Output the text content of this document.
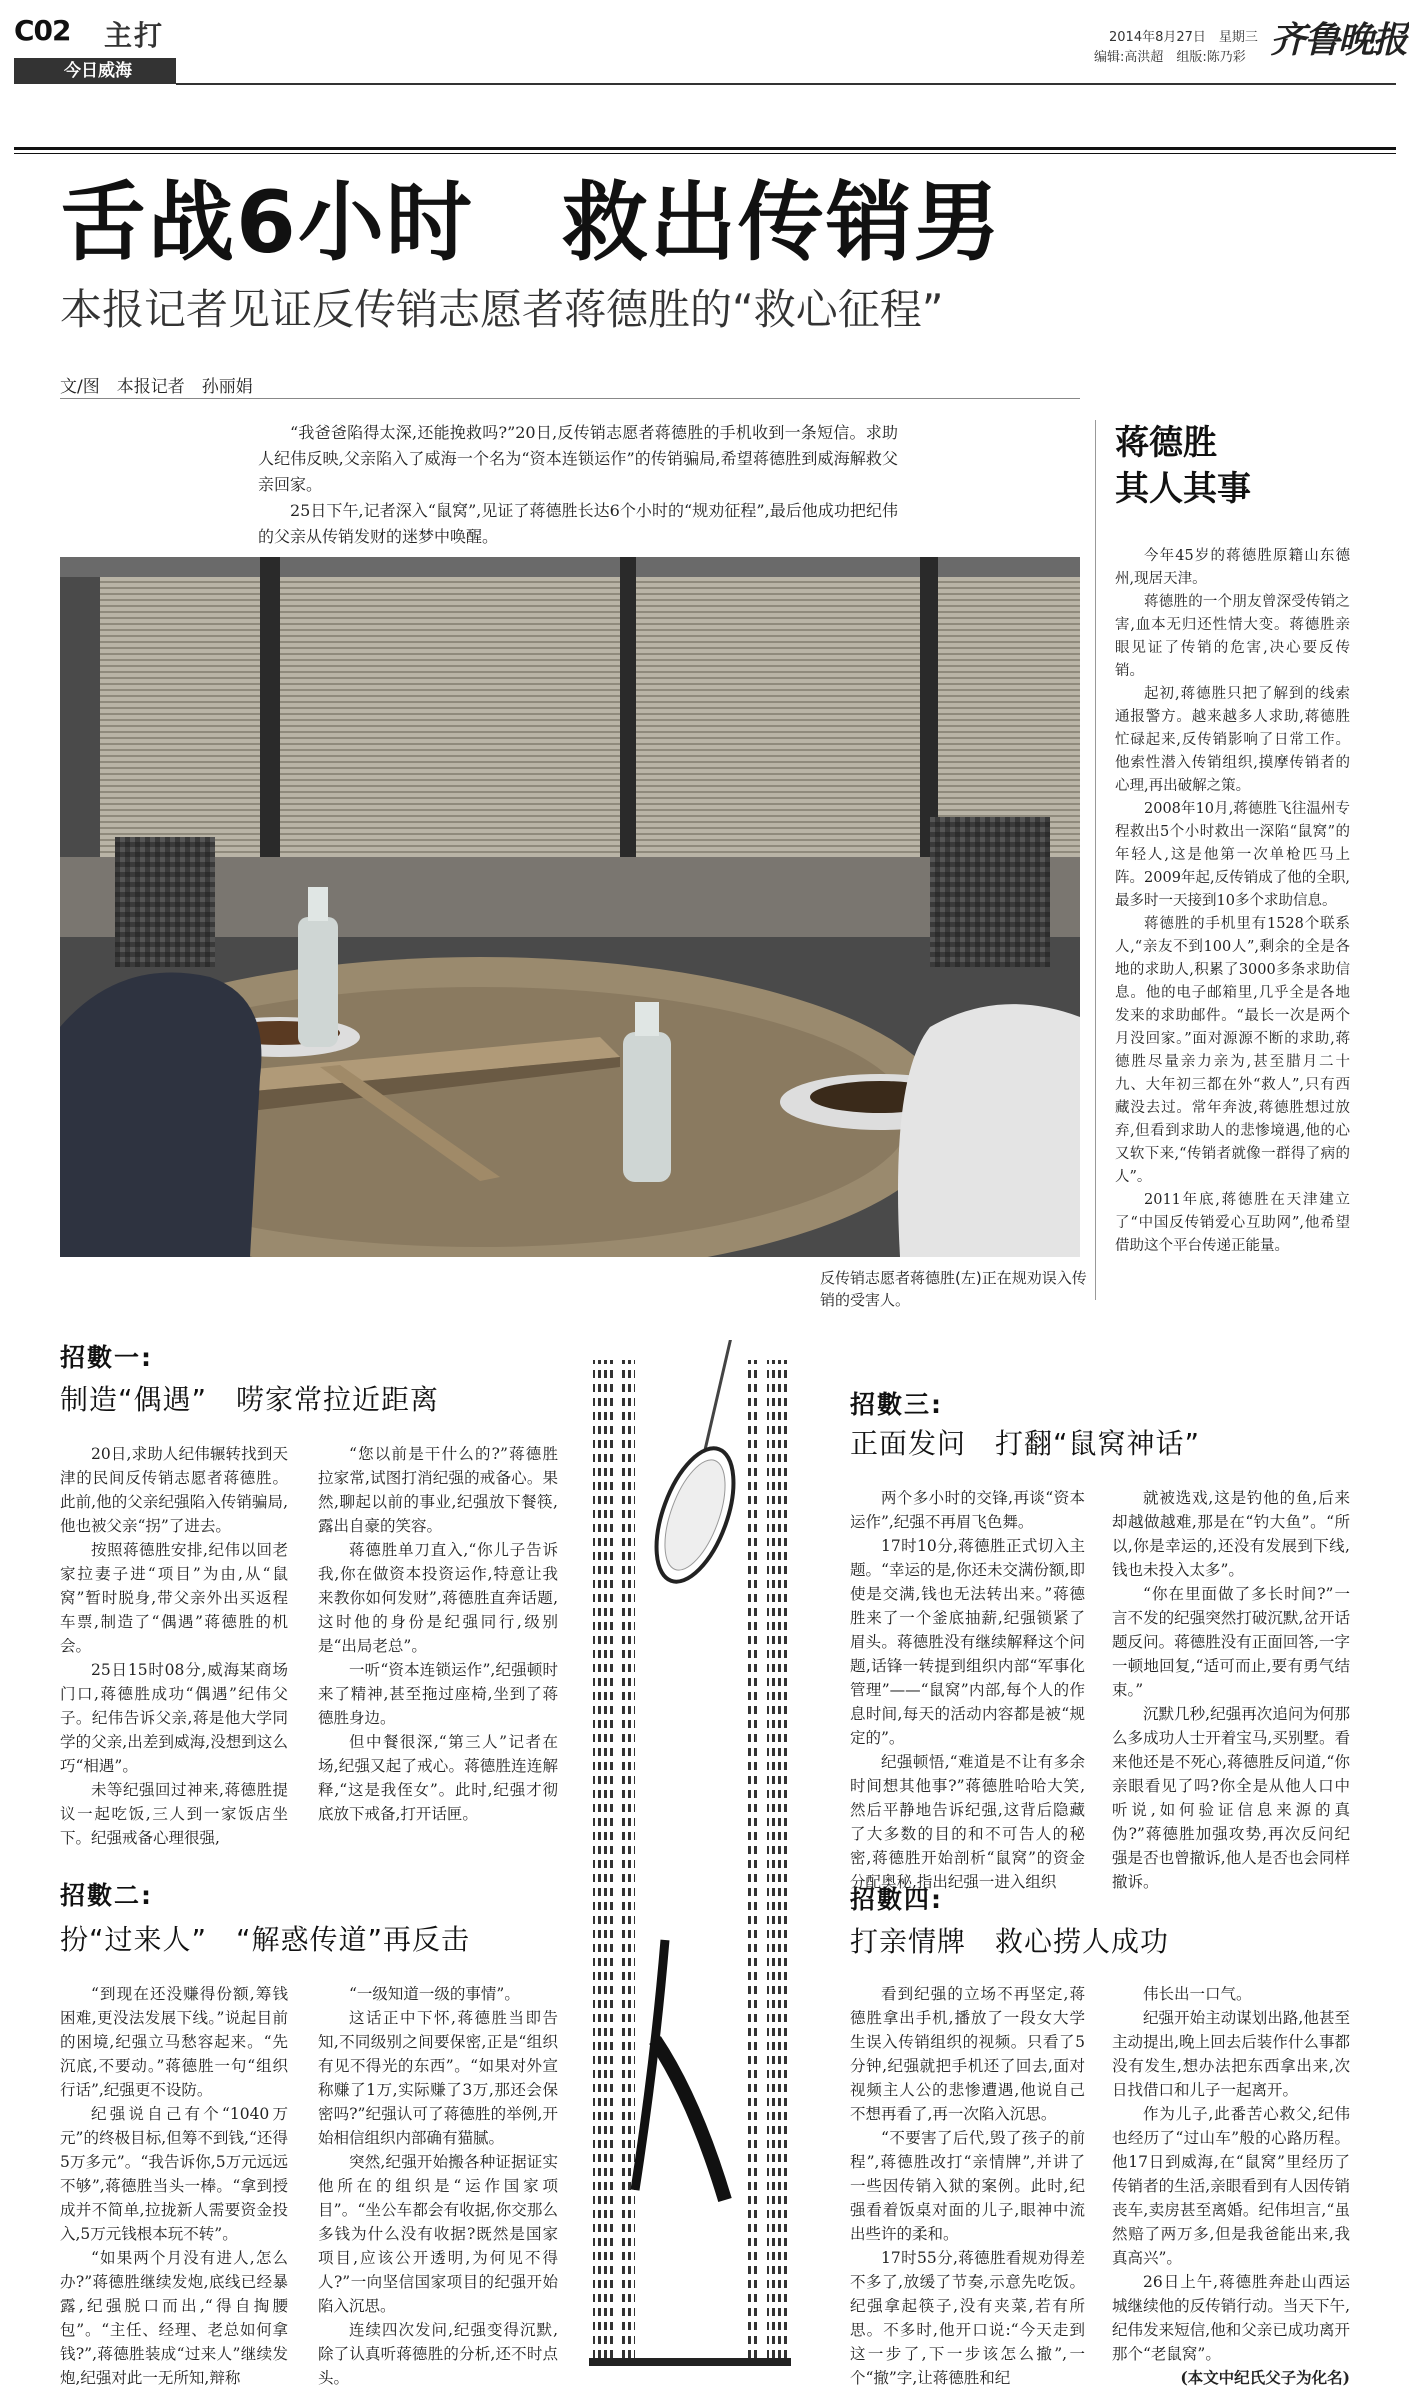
C02 主打
今日威海
2014年8月27日　星期三
编辑:高洪超　组版:陈乃彩 齐鲁晚报
舌战6小时　救出传销男
本报记者见证反传销志愿者蒋德胜的“救心征程”
文/图　本报记者　孙丽娟

“我爸爸陷得太深,还能挽救吗?”20日,反传销志愿者蒋德胜的手机收到一条短信。求助人纪伟反映,父亲陷入了威海一个名为“资本连锁运作”的传销骗局,希望蒋德胜到威海解救父亲回家。

25日下午,记者深入“鼠窝”,见证了蒋德胜长达6个小时的“规劝征程”,最后他成功把纪伟的父亲从传销发财的迷梦中唤醒。

反传销志愿者蒋德胜(左)正在规劝误入传销的受害人。
蒋德胜
其人其事

今年45岁的蒋德胜原籍山东德州,现居天津。

蒋德胜的一个朋友曾深受传销之害,血本无归还性情大变。蒋德胜亲眼见证了传销的危害,决心要反传销。

起初,蒋德胜只把了解到的线索通报警方。越来越多人求助,蒋德胜忙碌起来,反传销影响了日常工作。他索性潜入传销组织,摸摩传销者的心理,再出破解之策。

2008年10月,蒋德胜飞往温州专程救出5个小时救出一深陷“鼠窝”的年轻人,这是他第一次单枪匹马上阵。2009年起,反传销成了他的全职,最多时一天接到10多个求助信息。

蒋德胜的手机里有1528个联系人,“亲友不到100人”,剩余的全是各地的求助人,积累了3000多条求助信息。他的电子邮箱里,几乎全是各地发来的求助邮件。“最长一次是两个月没回家。”面对源源不断的求助,蒋德胜尽量亲力亲为,甚至腊月二十九、大年初三都在外“救人”,只有西藏没去过。常年奔波,蒋德胜想过放弃,但看到求助人的悲惨境遇,他的心又软下来,“传销者就像一群得了病的人”。

2011年底,蒋德胜在天津建立了“中国反传销爱心互助网”,他希望借助这个平台传递正能量。

招數一:
制造“偶遇”　唠家常拉近距离

20日,求助人纪伟辗转找到天津的民间反传销志愿者蒋德胜。此前,他的父亲纪强陷入传销骗局,他也被父亲“拐”了进去。

按照蒋德胜安排,纪伟以回老家拉妻子进“项目”为由,从“鼠窝”暂时脱身,带父亲外出买返程车票,制造了“偶遇”蒋德胜的机会。

25日15时08分,威海某商场门口,蒋德胜成功“偶遇”纪伟父子。纪伟告诉父亲,蒋是他大学同学的父亲,出差到威海,没想到这么巧“相遇”。

未等纪强回过神来,蒋德胜提议一起吃饭,三人到一家饭店坐下。纪强戒备心理很强,

“您以前是干什么的?”蒋德胜拉家常,试图打消纪强的戒备心。果然,聊起以前的事业,纪强放下餐筷,露出自豪的笑容。

蒋德胜单刀直入,“你儿子告诉我,你在做资本投资运作,特意让我来教你如何发财”,蒋德胜直奔话题,这时他的身份是纪强同行,级别是“出局老总”。

一听“资本连锁运作”,纪强顿时来了精神,甚至拖过座椅,坐到了蒋德胜身边。

但中餐很深,“第三人”记者在场,纪强又起了戒心。蒋德胜连连解释,“这是我侄女”。此时,纪强才彻底放下戒备,打开话匣。

招數二:
扮“过来人”　“解惑传道”再反击

“到现在还没赚得份额,筹钱困难,更没法发展下线。”说起目前的困境,纪强立马愁容起来。“先沉底,不要动。”蒋德胜一句“组织行话”,纪强更不设防。

纪强说自己有个“1040万元”的终极目标,但筹不到钱,“还得5万多元”。“我告诉你,5万元远远不够”,蒋德胜当头一棒。“拿到授成并不简单,拉拢新人需要资金投入,5万元钱根本玩不转”。

“如果两个月没有进人,怎么办?”蒋德胜继续发炮,底线已经暴露,纪强脱口而出,“得自掏腰包”。“主任、经理、老总如何拿钱?”,蒋德胜装成“过来人”继续发炮,纪强对此一无所知,辩称

“一级知道一级的事情”。

这话正中下怀,蒋德胜当即告知,不同级别之间要保密,正是“组织有见不得光的东西”。“如果对外宣称赚了1万,实际赚了3万,那还会保密吗?”纪强认可了蒋德胜的举例,开始相信组织内部确有猫腻。

突然,纪强开始搬各种证据证实他所在的组织是“运作国家项目”。“坐公车都会有收据,你交那么多钱为什么没有收据?既然是国家项目,应该公开透明,为何见不得人?”一向坚信国家项目的纪强开始陷入沉思。

连续四次发问,纪强变得沉默,除了认真听蒋德胜的分析,还不时点头。

招數三:
正面发问　打翻“鼠窝神话”

两个多小时的交锋,再谈“资本运作”,纪强不再眉飞色舞。

17时10分,蒋德胜正式切入主题。“幸运的是,你还未交满份额,即使是交满,钱也无法转出来。”蒋德胜来了一个釜底抽薪,纪强锁紧了眉头。蒋德胜没有继续解释这个问题,话锋一转提到组织内部“军事化管理”——“鼠窝”内部,每个人的作息时间,每天的活动内容都是被“规定的”。

纪强顿悟,“难道是不让有多余时间想其他事?”蒋德胜哈哈大笑,然后平静地告诉纪强,这背后隐藏了大多数的目的和不可告人的秘密,蒋德胜开始剖析“鼠窝”的资金分配奥秘,指出纪强一进入组织

就被选戏,这是钓他的鱼,后来却越做越难,那是在“钓大鱼”。“所以,你是幸运的,还没有发展到下线,钱也未投入太多”。

“你在里面做了多长时间?”一言不发的纪强突然打破沉默,岔开话题反问。蒋德胜没有正面回答,一字一顿地回复,“适可而止,要有勇气结束。”

沉默几秒,纪强再次追问为何那么多成功人士开着宝马,买别墅。看来他还是不死心,蒋德胜反问道,“你亲眼看见了吗?你全是从他人口中听说,如何验证信息来源的真伪?”蒋德胜加强攻势,再次反问纪强是否也曾撤诉,他人是否也会同样撤诉。

招數四:
打亲情牌　救心捞人成功

看到纪强的立场不再坚定,蒋德胜拿出手机,播放了一段女大学生误入传销组织的视频。只看了5分钟,纪强就把手机还了回去,面对视频主人公的悲惨遭遇,他说自己不想再看了,再一次陷入沉思。

“不要害了后代,毁了孩子的前程”,蒋德胜改打“亲情牌”,并讲了一些因传销入狱的案例。此时,纪强看着饭桌对面的儿子,眼神中流出些许的柔和。

17时55分,蒋德胜看规劝得差不多了,放缓了节奏,示意先吃饭。纪强拿起筷子,没有夹菜,若有所思。不多时,他开口说:“今天走到这一步了,下一步该怎么撤”,一个“撤”字,让蒋德胜和纪

伟长出一口气。

纪强开始主动谋划出路,他甚至主动提出,晚上回去后装作什么事都没有发生,想办法把东西拿出来,次日找借口和儿子一起离开。

作为儿子,此番苦心救父,纪伟也经历了“过山车”般的心路历程。他17日到威海,在“鼠窝”里经历了传销者的生活,亲眼看到有人因传销丧车,卖房甚至离婚。纪伟坦言,“虽然赔了两万多,但是我爸能出来,我真高兴”。

26日上午,蒋德胜奔赴山西运城继续他的反传销行动。当天下午,纪伟发来短信,他和父亲已成功离开那个“老鼠窝”。

(本文中纪氏父子为化名)
